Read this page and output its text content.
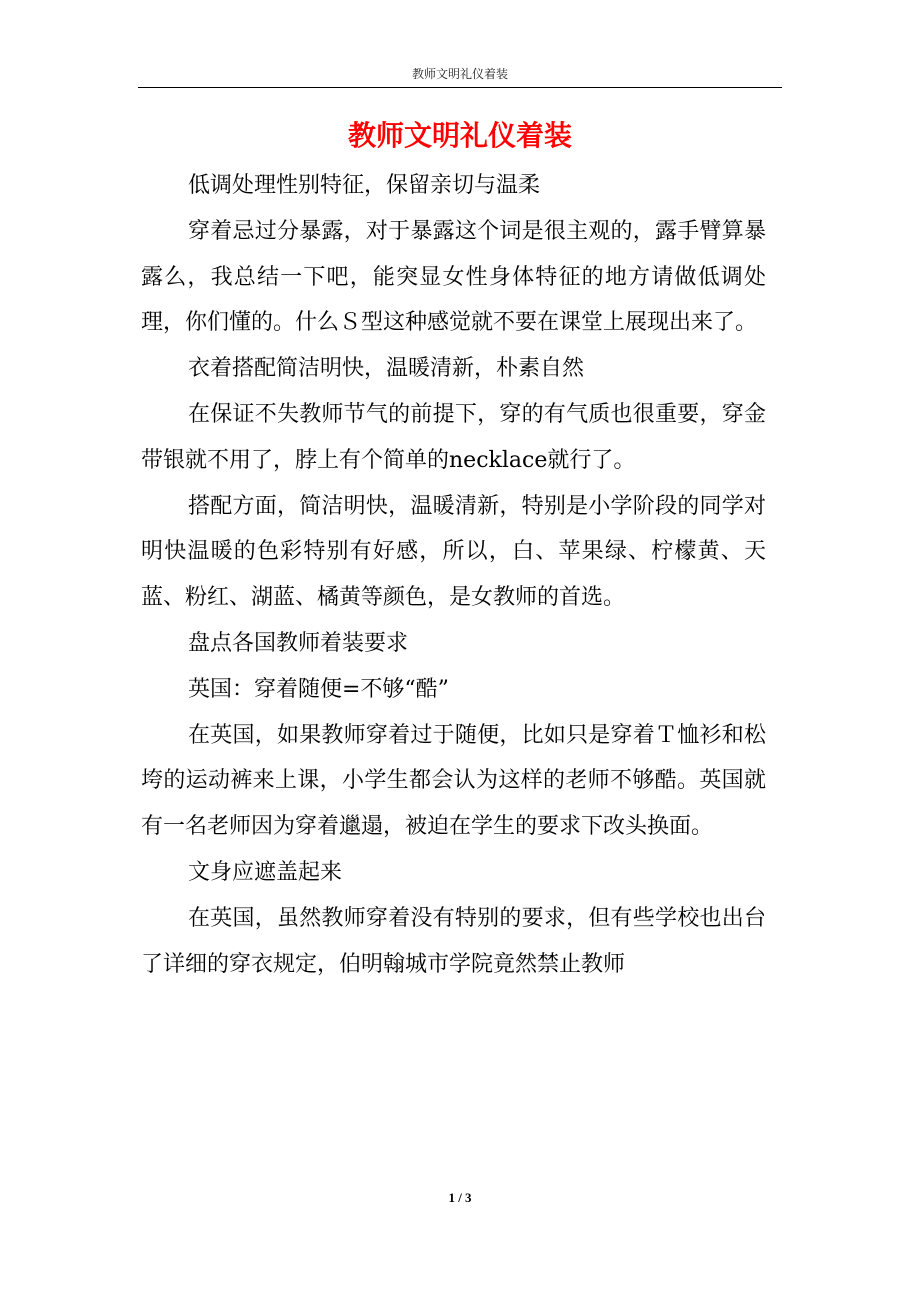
教师文明礼仪着装
教师文明礼仪着装

低调处理性别特征，保留亲切与温柔

穿着忌过分暴露，对于暴露这个词是很主观的，露手臂算暴露么，我总结一下吧，能突显女性身体特征的地方请做低调处理，你们懂的。什么Ｓ型这种感觉就不要在课堂上展现出来了。

衣着搭配简洁明快，温暖清新，朴素自然

在保证不失教师节气的前提下，穿的有气质也很重要，穿金带银就不用了，脖上有个简单的necklace就行了。

搭配方面，简洁明快，温暖清新，特别是小学阶段的同学对明快温暖的色彩特别有好感，所以，白、苹果绿、柠檬黄、天蓝、粉红、湖蓝、橘黄等颜色，是女教师的首选。

盘点各国教师着装要求

英国：穿着随便=不够“酷”

在英国，如果教师穿着过于随便，比如只是穿着Ｔ恤衫和松垮的运动裤来上课，小学生都会认为这样的老师不够酷。英国就有一名老师因为穿着邋遢，被迫在学生的要求下改头换面。

文身应遮盖起来

在英国，虽然教师穿着没有特别的要求，但有些学校也出台了详细的穿衣规定，伯明翰城市学院竟然禁止教师

1 / 3
